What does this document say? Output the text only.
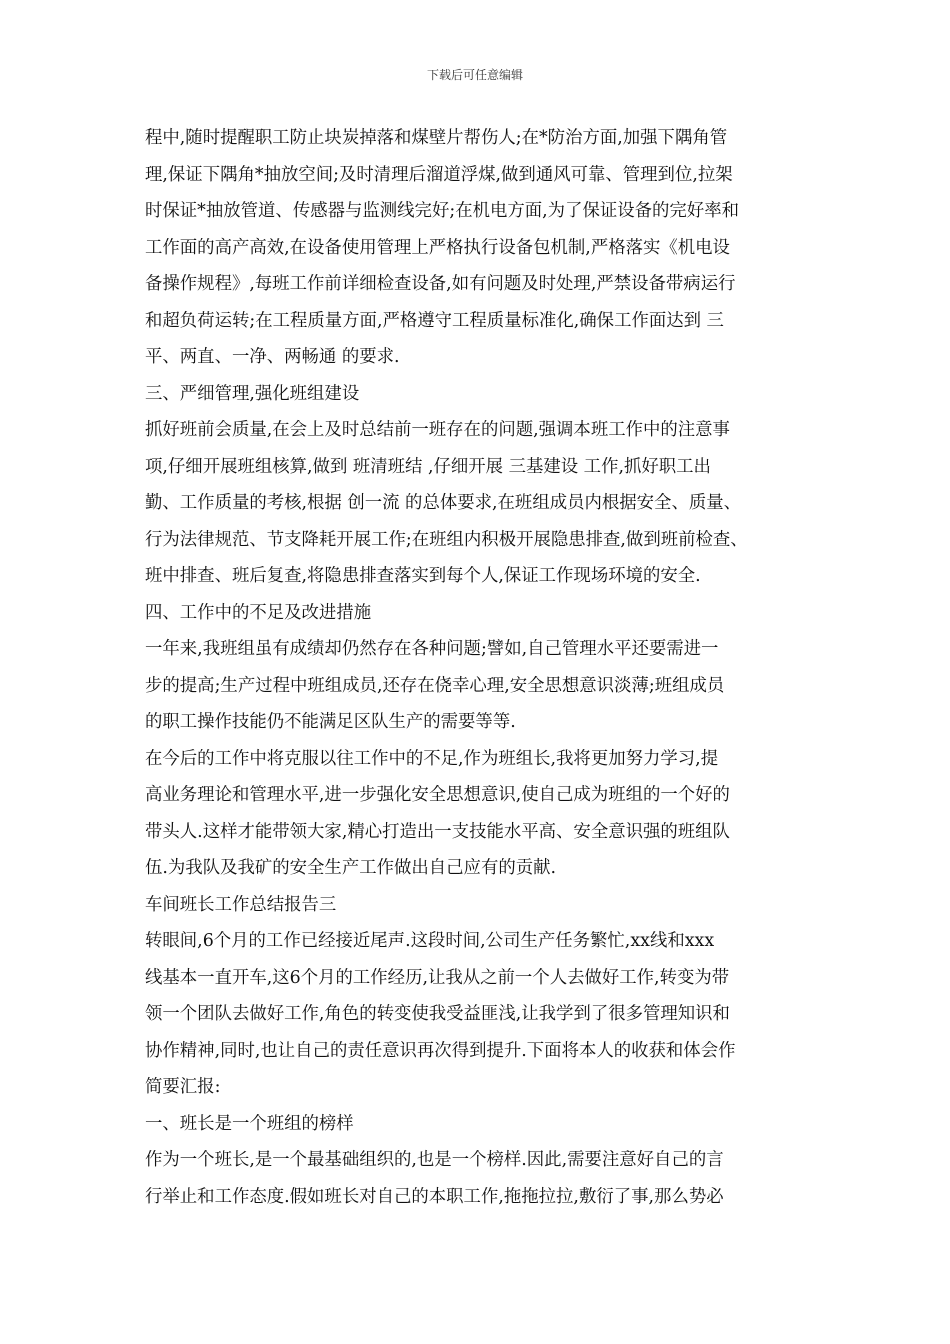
下载后可任意编辑
程中,随时提醒职工防止块炭掉落和煤壁片帮伤人;在*防治方面,加强下隅角管
理,保证下隅角*抽放空间;及时清理后溜道浮煤,做到通风可靠、管理到位,拉架
时保证*抽放管道、传感器与监测线完好;在机电方面,为了保证设备的完好率和
工作面的高产高效,在设备使用管理上严格执行设备包机制,严格落实《机电设
备操作规程》,每班工作前详细检查设备,如有问题及时处理,严禁设备带病运行
和超负荷运转;在工程质量方面,严格遵守工程质量标准化,确保工作面达到 三
平、两直、一净、两畅通 的要求.
三、严细管理,强化班组建设
抓好班前会质量,在会上及时总结前一班存在的问题,强调本班工作中的注意事
项,仔细开展班组核算,做到 班清班结 ,仔细开展 三基建设 工作,抓好职工出
勤、工作质量的考核,根据 创一流 的总体要求,在班组成员内根据安全、质量、
行为法律规范、节支降耗开展工作;在班组内积极开展隐患排查,做到班前检查、
班中排查、班后复查,将隐患排查落实到每个人,保证工作现场环境的安全.
四、工作中的不足及改进措施
一年来,我班组虽有成绩却仍然存在各种问题;譬如,自己管理水平还要需进一
步的提高;生产过程中班组成员,还存在侥幸心理,安全思想意识淡薄;班组成员
的职工操作技能仍不能满足区队生产的需要等等.
在今后的工作中将克服以往工作中的不足,作为班组长,我将更加努力学习,提
高业务理论和管理水平,进一步强化安全思想意识,使自己成为班组的一个好的
带头人.这样才能带领大家,精心打造出一支技能水平高、安全意识强的班组队
伍.为我队及我矿的安全生产工作做出自己应有的贡献.
车间班长工作总结报告三
转眼间,6个月的工作已经接近尾声.这段时间,公司生产任务繁忙,xx线和xxx
线基本一直开车,这6个月的工作经历,让我从之前一个人去做好工作,转变为带
领一个团队去做好工作,角色的转变使我受益匪浅,让我学到了很多管理知识和
协作精神,同时,也让自己的责任意识再次得到提升.下面将本人的收获和体会作
简要汇报:
一、班长是一个班组的榜样
作为一个班长,是一个最基础组织的,也是一个榜样.因此,需要注意好自己的言
行举止和工作态度.假如班长对自己的本职工作,拖拖拉拉,敷衍了事,那么势必
